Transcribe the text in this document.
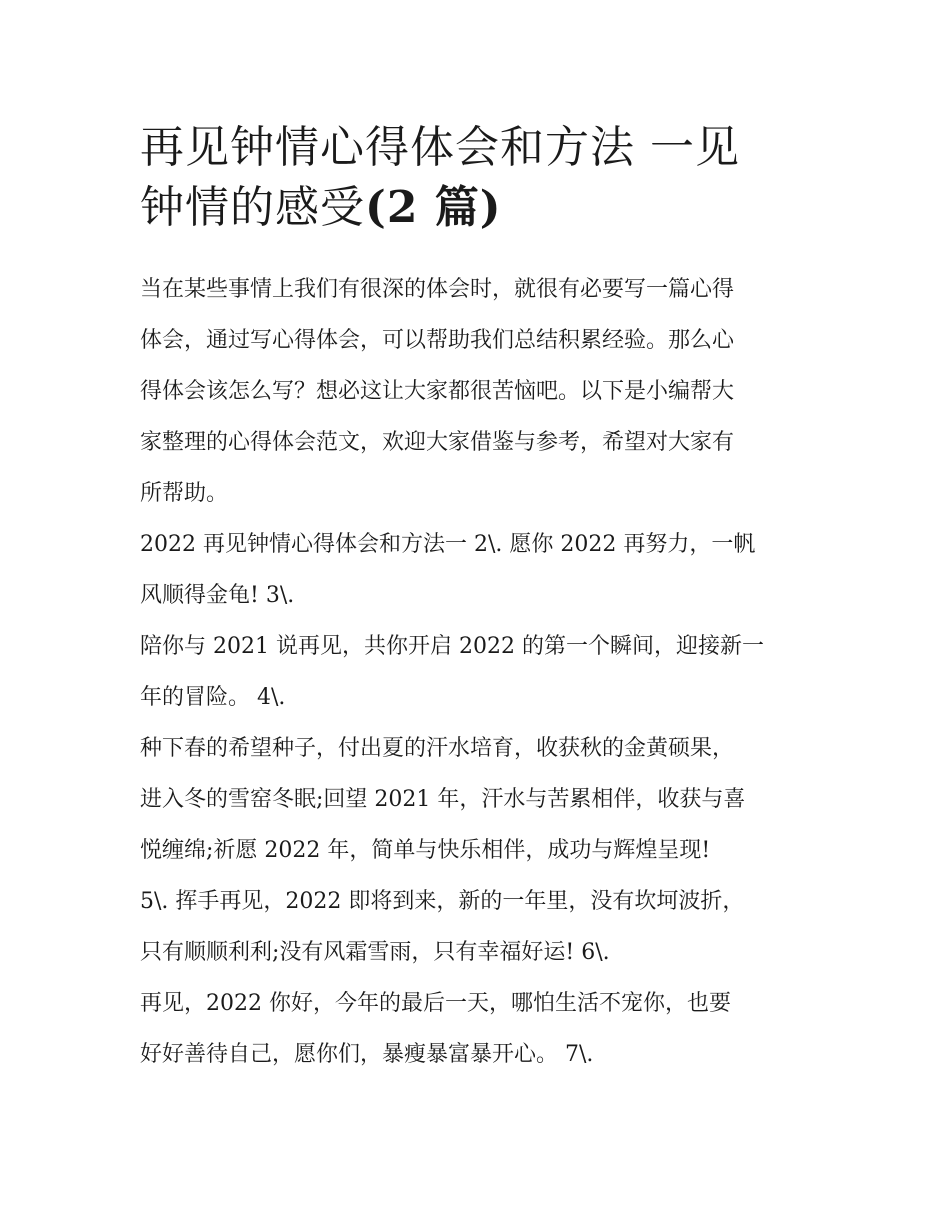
再见钟情心得体会和方法 一见
钟情的感受(2 篇)

当在某些事情上我们有很深的体会时，就很有必要写一篇心得
体会，通过写心得体会，可以帮助我们总结积累经验。那么心
得体会该怎么写？想必这让大家都很苦恼吧。以下是小编帮大
家整理的心得体会范文，欢迎大家借鉴与参考，希望对大家有
所帮助。

2022 再见钟情心得体会和方法一 2\. 愿你 2022 再努力，一帆
风顺得金龟! 3\.

陪你与 2021 说再见，共你开启 2022 的第一个瞬间，迎接新一
年的冒险。 4\.

种下春的希望种子，付出夏的汗水培育，收获秋的金黄硕果，
进入冬的雪窑冬眠;回望 2021 年，汗水与苦累相伴，收获与喜
悦缠绵;祈愿 2022 年，简单与快乐相伴，成功与辉煌呈现!

5\. 挥手再见，2022 即将到来，新的一年里，没有坎坷波折，
只有顺顺利利;没有风霜雪雨，只有幸福好运! 6\.

再见，2022 你好，今年的最后一天，哪怕生活不宠你，也要
好好善待自己，愿你们，暴瘦暴富暴开心。 7\.
